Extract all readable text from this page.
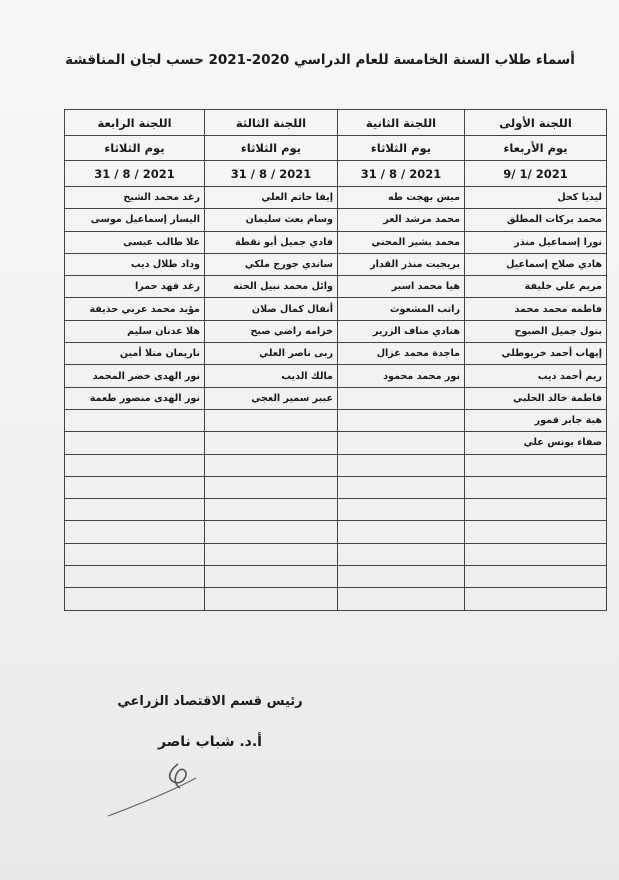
أسماء طلاب السنة الخامسة للعام الدراسي 2020-2021 حسب لجان المناقشة
اللجنة الأولى	اللجنة الثانية	اللجنة الثالثة	اللجنة الرابعة
يوم الأربعاء	يوم الثلاثاء	يوم الثلاثاء	يوم الثلاثاء
2021 /1 /9	2021 / 8 / 31	2021 / 8 / 31	2021 / 8 / 31
ليديا كحل	ميس بهجت طه	إيفا حاتم العلي	رغد محمد الشيخ
محمد بركات المطلق	محمد مرشد العر	وسام بعث سليمان	اليسار إسماعيل موسى
نورا إسماعيل منذر	محمد بشير المحني	فادي جميل أبو نقطة	علا طالب عيسى
هادي صلاح إسماعيل	بريجيت منذر القدار	ساندي جورج ملكي	وداد طلال ديب
مريم علي خليفة	هيا محمد اسبر	وائل محمد نبيل الحته	رغد فهد حمرا
فاطمه محمد محمد	راتب المشعوث	أنفال كمال صلان	مؤيد محمد عربي حذيفة
بتول جميل الصبوح	هنادي مناف الزرير	خزامه راضي صبح	هلا عدنان سليم
إيهاب أحمد خريوطلي	ماجدة محمد غزال	ربى ناصر العلي	ناريمان منلا أمين
ريم أحمد ديب	نور محمد محمود	مالك الديب	نور الهدى خضر المحمد
فاطمة خالد الحلبي		عبير سمير العجي	نور الهدى منصور طعمة
هبة جابر قمور			
صفاء يونس علي			

رئيس قسم الاقتصاد الزراعي
أ.د. شباب ناصر
